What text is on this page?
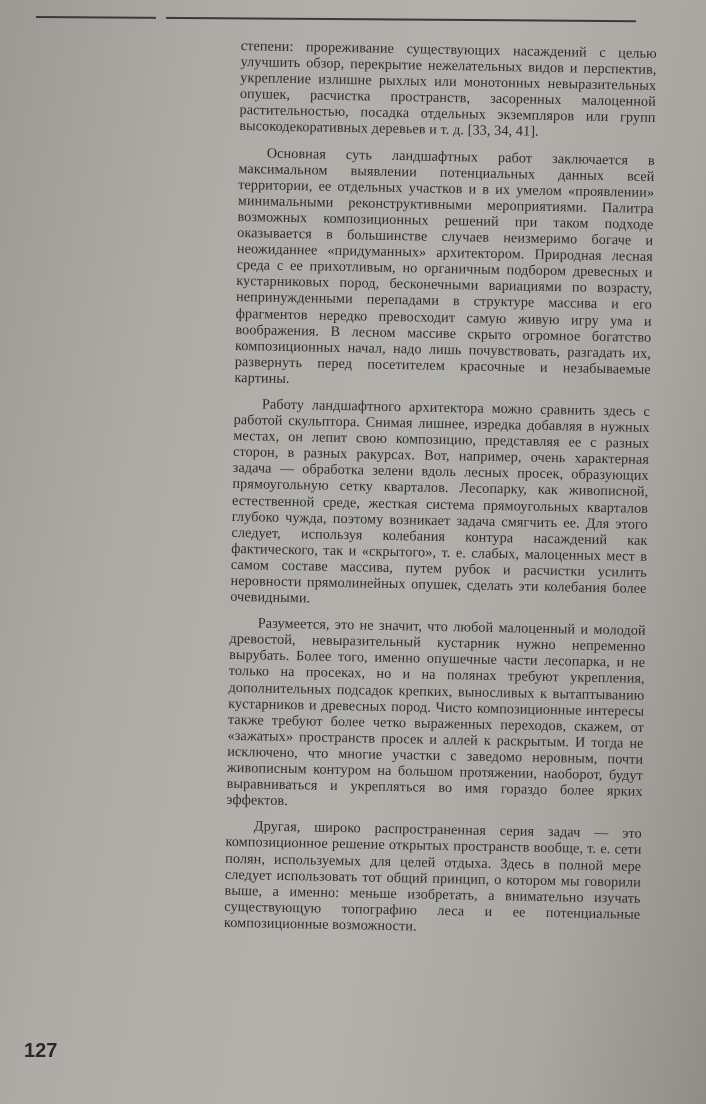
степени: прореживание существующих насаждений с целью улучшить обзор, перекрытие нежелательных видов и перспектив, укрепление излишне рыхлых или монотонных невыразительных опушек, расчистка пространств, засоренных малоценной растительностью, посадка отдельных экземпляров или групп высокодекоративных деревьев и т. д. [33, 34, 41].

Основная суть ландшафтных работ заключается в максимальном выявлении потенциальных данных всей территории, ее отдельных участков и в их умелом «проявлении» минимальными реконструктивными мероприятиями. Палитра возможных композиционных решений при таком подходе оказывается в большинстве случаев неизмеримо богаче и неожиданнее «придуманных» архитектором. Природная лесная среда с ее прихотливым, но органичным подбором древесных и кустарниковых пород, бесконечными вариациями по возрасту, непринужденными перепадами в структуре массива и его фрагментов нередко превосходит самую живую игру ума и воображения. В лесном массиве скрыто огромное богатство композиционных начал, надо лишь почувствовать, разгадать их, развернуть перед посетителем красочные и незабываемые картины.

Работу ландшафтного архитектора можно сравнить здесь с работой скульптора. Снимая лишнее, изредка добавляя в нужных местах, он лепит свою композицию, представляя ее с разных сторон, в разных ракурсах. Вот, например, очень характерная задача — обработка зелени вдоль лесных просек, образующих прямоугольную сетку кварталов. Лесопарку, как живописной, естественной среде, жесткая система прямоугольных кварталов глубоко чужда, поэтому возникает задача смягчить ее. Для этого следует, используя колебания контура насаждений как фактического, так и «скрытого», т. е. слабых, малоценных мест в самом составе массива, путем рубок и расчистки усилить неровности прямолинейных опушек, сделать эти колебания более очевидными.

Разумеется, это не значит, что любой малоценный и молодой древостой, невыразительный кустарник нужно непременно вырубать. Более того, именно опушечные части лесопарка, и не только на просеках, но и на полянах требуют укрепления, дополнительных подсадок крепких, выносливых к вытаптыванию кустарников и древесных пород. Чисто композиционные интересы также требуют более четко выраженных переходов, скажем, от «зажатых» пространств просек и аллей к раскрытым. И тогда не исключено, что многие участки с заведомо неровным, почти живописным контуром на большом протяжении, наоборот, будут выравниваться и укрепляться во имя гораздо более ярких эффектов.

Другая, широко распространенная серия задач — это композиционное решение открытых пространств вообще, т. е. сети полян, используемых для целей отдыха. Здесь в полной мере следует использовать тот общий принцип, о котором мы говорили выше, а именно: меньше изобретать, а внимательно изучать существующую топографию леса и ее потенциальные композиционные возможности.

127
